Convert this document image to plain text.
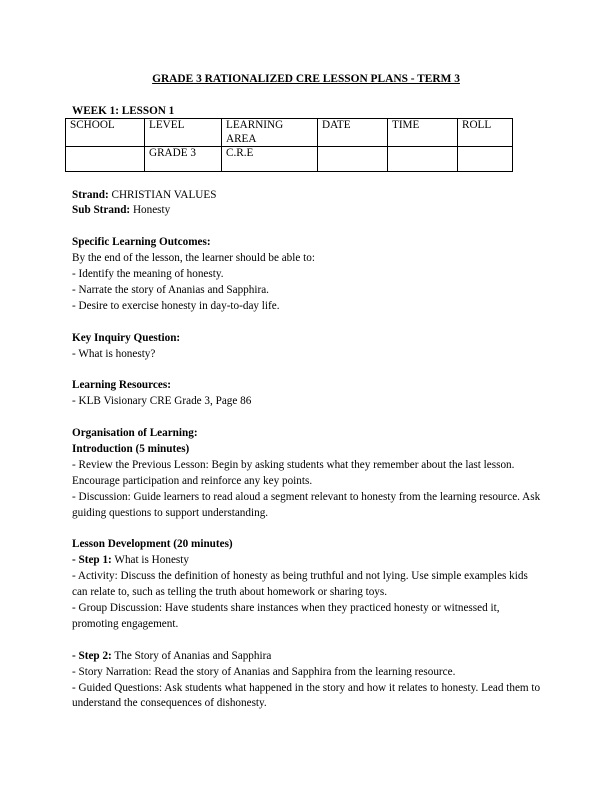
GRADE 3 RATIONALIZED CRE LESSON PLANS - TERM 3
WEEK 1: LESSON 1
SCHOOL	LEVEL	LEARNING AREA	DATE	TIME	ROLL
	GRADE 3	C.R.E			
Strand: CHRISTIAN VALUES
Sub Strand: Honesty
Specific Learning Outcomes:
By the end of the lesson, the learner should be able to:
- Identify the meaning of honesty.
- Narrate the story of Ananias and Sapphira.
- Desire to exercise honesty in day-to-day life.
Key Inquiry Question:
- What is honesty?
Learning Resources:
- KLB Visionary CRE Grade 3, Page 86
Organisation of Learning:
Introduction (5 minutes)
- Review the Previous Lesson: Begin by asking students what they remember about the last lesson. Encourage participation and reinforce any key points.
- Discussion: Guide learners to read aloud a segment relevant to honesty from the learning resource. Ask guiding questions to support understanding.
Lesson Development (20 minutes)
- Step 1: What is Honesty
- Activity: Discuss the definition of honesty as being truthful and not lying. Use simple examples kids can relate to, such as telling the truth about homework or sharing toys.
- Group Discussion: Have students share instances when they practiced honesty or witnessed it, promoting engagement.
- Step 2: The Story of Ananias and Sapphira
- Story Narration: Read the story of Ananias and Sapphira from the learning resource.
- Guided Questions: Ask students what happened in the story and how it relates to honesty. Lead them to understand the consequences of dishonesty.
